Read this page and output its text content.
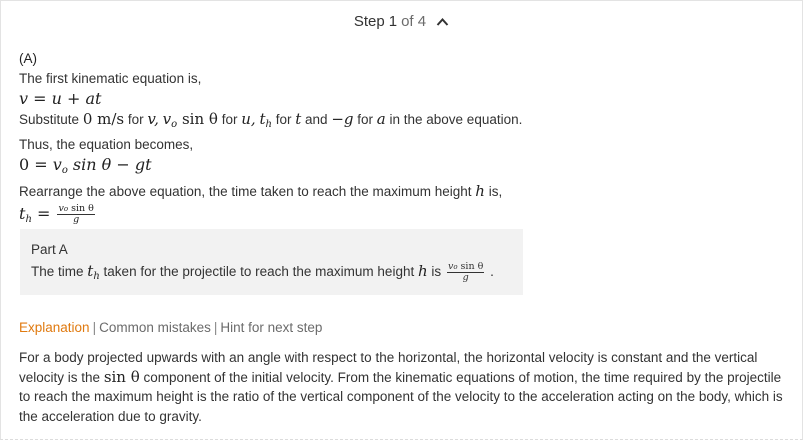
Step 1 of 4
(A)
The first kinematic equation is,
v = u + at
Substitute 0 m/s for v, $v_o$ sin θ for u, $t_h$ for t and −g for a in the above equation.
Thus, the equation becomes,
$0 = v_o$ sin θ − gt
Rearrange the above equation, the time taken to reach the maximum height h is,
$t_h = \frac{\text{vo sin θ}}{g}$
Part A
The time $t_h$ taken for the projectile to reach the maximum height h is $\frac{\text{vo sin θ}}{g}$ .
Explanation | Common mistakes | Hint for next step
For a body projected upwards with an angle with respect to the horizontal, the horizontal velocity is constant and the vertical velocity is the sin θ component of the initial velocity. From the kinematic equations of motion, the time required by the projectile to reach the maximum height is the ratio of the vertical component of the velocity to the acceleration acting on the body, which is the acceleration due to gravity.
